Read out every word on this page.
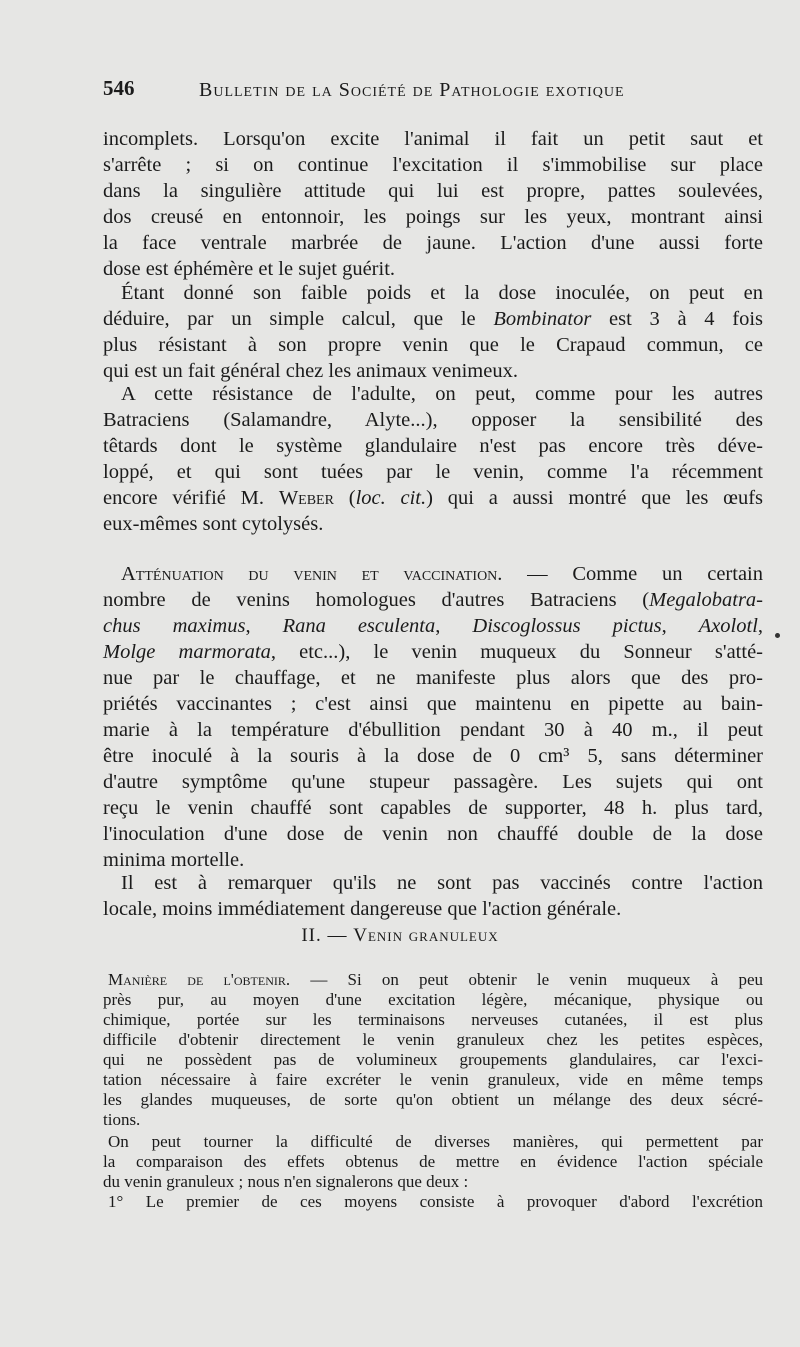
546	Bulletin de la Société de Pathologie exotique
incomplets. Lorsqu'on excite l'animal il fait un petit saut et
s'arrête ; si on continue l'excitation il s'immobilise sur place
dans la singulière attitude qui lui est propre, pattes soulevées,
dos creusé en entonnoir, les poings sur les yeux, montrant ainsi
la face ventrale marbrée de jaune. L'action d'une aussi forte
dose est éphémère et le sujet guérit.
Étant donné son faible poids et la dose inoculée, on peut en
déduire, par un simple calcul, que le Bombinator est 3 à 4 fois
plus résistant à son propre venin que le Crapaud commun, ce
qui est un fait général chez les animaux venimeux.
A cette résistance de l'adulte, on peut, comme pour les autres
Batraciens (Salamandre, Alyte...), opposer la sensibilité des
têtards dont le système glandulaire n'est pas encore très déve-
loppé, et qui sont tuées par le venin, comme l'a récemment
encore vérifié M. Weber (loc. cit.) qui a aussi montré que les œufs
eux-mêmes sont cytolysés.
Atténuation du venin et vaccination. — Comme un certain
nombre de venins homologues d'autres Batraciens (Megalobatra-
chus maximus, Rana esculenta, Discoglossus pictus, Axolotl,
Molge marmorata, etc...), le venin muqueux du Sonneur s'atté-
nue par le chauffage, et ne manifeste plus alors que des pro-
priétés vaccinantes ; c'est ainsi que maintenu en pipette au bain-
marie à la température d'ébullition pendant 30 à 40 m., il peut
être inoculé à la souris à la dose de 0 cm³ 5, sans déterminer
d'autre symptôme qu'une stupeur passagère. Les sujets qui ont
reçu le venin chauffé sont capables de supporter, 48 h. plus tard,
l'inoculation d'une dose de venin non chauffé double de la dose
minima mortelle.
Il est à remarquer qu'ils ne sont pas vaccinés contre l'action
locale, moins immédiatement dangereuse que l'action générale.
II. — Venin granuleux
Manière de l'obtenir. — Si on peut obtenir le venin muqueux à peu
près pur, au moyen d'une excitation légère, mécanique, physique ou
chimique, portée sur les terminaisons nerveuses cutanées, il est plus
difficile d'obtenir directement le venin granuleux chez les petites espèces,
qui ne possèdent pas de volumineux groupements glandulaires, car l'exci-
tation nécessaire à faire excréter le venin granuleux, vide en même temps
les glandes muqueuses, de sorte qu'on obtient un mélange des deux sécré-
tions.
On peut tourner la difficulté de diverses manières, qui permettent par
la comparaison des effets obtenus de mettre en évidence l'action spéciale
du venin granuleux ; nous n'en signalerons que deux :
1° Le premier de ces moyens consiste à provoquer d'abord l'excrétion
